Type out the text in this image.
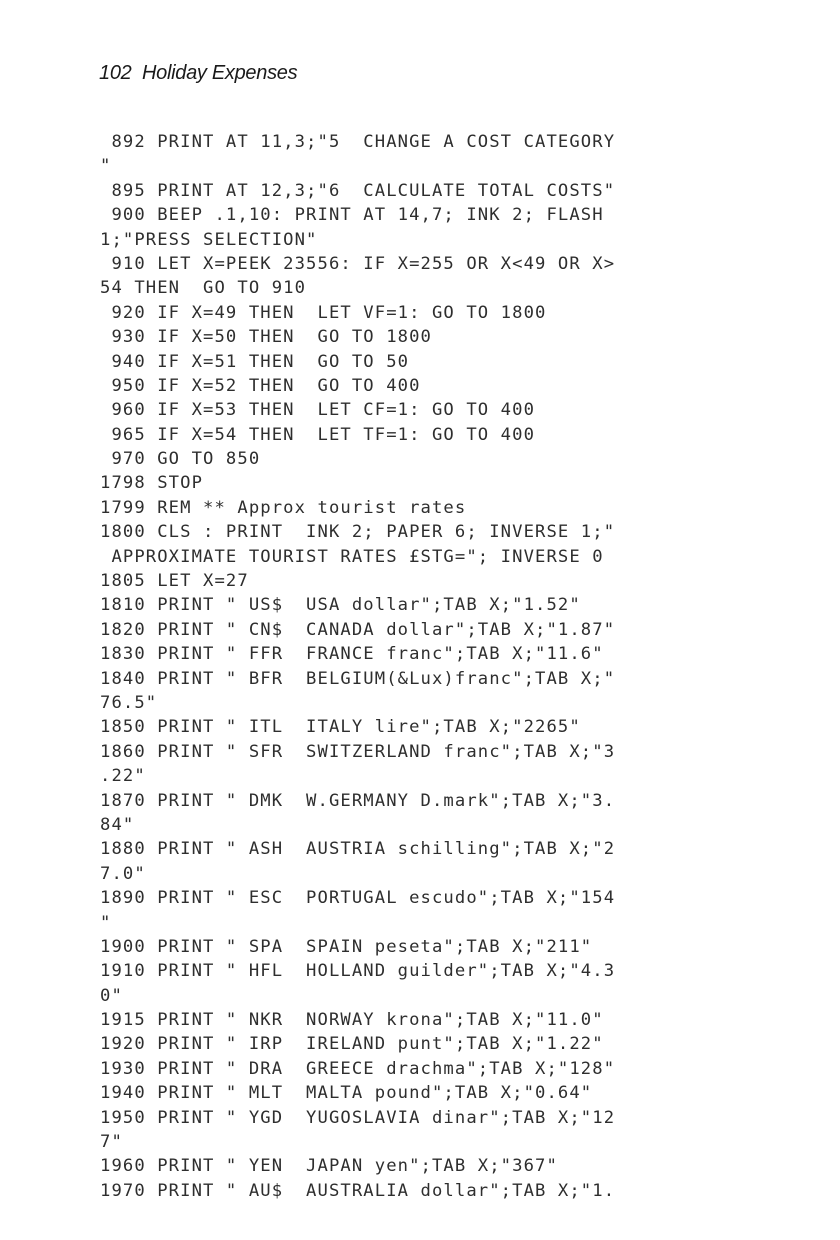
102 Holiday Expenses
892 PRINT AT 11,3;"5  CHANGE A COST CATEGORY
"
895 PRINT AT 12,3;"6  CALCULATE TOTAL COSTS"
900 BEEP .1,10: PRINT AT 14,7; INK 2; FLASH
1;"PRESS SELECTION"
910 LET X=PEEK 23556: IF X=255 OR X<49 OR X>
54 THEN  GO TO 910
920 IF X=49 THEN  LET VF=1: GO TO 1800
930 IF X=50 THEN  GO TO 1800
940 IF X=51 THEN  GO TO 50
950 IF X=52 THEN  GO TO 400
960 IF X=53 THEN  LET CF=1: GO TO 400
965 IF X=54 THEN  LET TF=1: GO TO 400
970 GO TO 850
1798 STOP
1799 REM ** Approx tourist rates
1800 CLS : PRINT  INK 2; PAPER 6; INVERSE 1;"
APPROXIMATE TOURIST RATES £STG="; INVERSE 0
1805 LET X=27
1810 PRINT " US$  USA dollar";TAB X;"1.52"
1820 PRINT " CN$  CANADA dollar";TAB X;"1.87"
1830 PRINT " FFR  FRANCE franc";TAB X;"11.6"
1840 PRINT " BFR  BELGIUM(&Lux)franc";TAB X;"
76.5"
1850 PRINT " ITL  ITALY lire";TAB X;"2265"
1860 PRINT " SFR  SWITZERLAND franc";TAB X;"3
.22"
1870 PRINT " DMK  W.GERMANY D.mark";TAB X;"3.
84"
1880 PRINT " ASH  AUSTRIA schilling";TAB X;"2
7.0"
1890 PRINT " ESC  PORTUGAL escudo";TAB X;"154
"
1900 PRINT " SPA  SPAIN peseta";TAB X;"211"
1910 PRINT " HFL  HOLLAND guilder";TAB X;"4.3
0"
1915 PRINT " NKR  NORWAY krona";TAB X;"11.0"
1920 PRINT " IRP  IRELAND punt";TAB X;"1.22"
1930 PRINT " DRA  GREECE drachma";TAB X;"128"
1940 PRINT " MLT  MALTA pound";TAB X;"0.64"
1950 PRINT " YGD  YUGOSLAVIA dinar";TAB X;"12
7"
1960 PRINT " YEN  JAPAN yen";TAB X;"367"
1970 PRINT " AU$  AUSTRALIA dollar";TAB X;"1.
